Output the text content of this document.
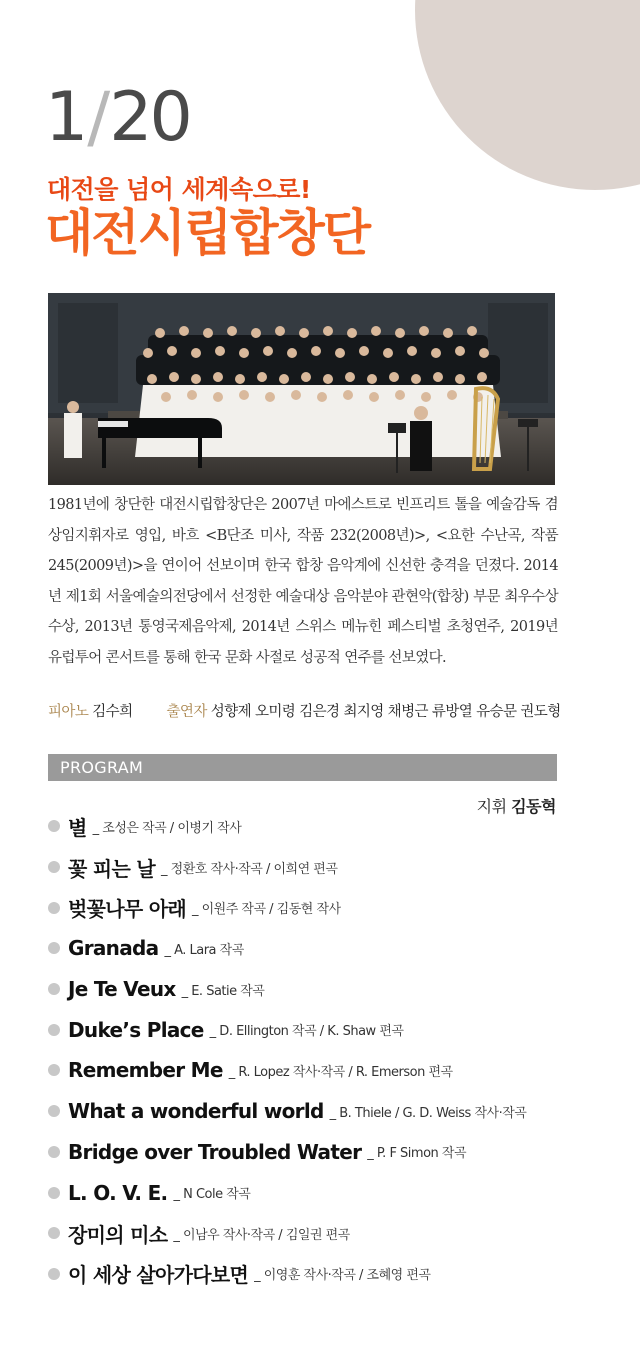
1/20
대전을 넘어 세계속으로!
대전시립합창단

1981년에 창단한 대전시립합창단은 2007년 마에스트로 빈프리트 톨을 예술감독 겸 상임지휘자로 영입, 바흐 <B단조 미사, 작품 232(2008년)>, <요한 수난곡, 작품 245(2009년)>을 연이어 선보이며 한국 합창 음악계에 신선한 충격을 던졌다. 2014년 제1회 서울예술의전당에서 선정한 예술대상 음악분야 관현악(합창) 부문 최우수상 수상, 2013년 통영국제음악제, 2014년 스위스 메뉴힌 페스티벌 초청연주, 2019년 유럽투어 콘서트를 통해 한국 문화 사절로 성공적 연주를 선보였다.

피아노 김수희 출연자 성향제 오미령 김은경 최지영 채병근 류방열 유승문 권도형
PROGRAM
지휘 김동혁
별 _ 조성은 작곡 / 이병기 작사
꽃 피는 날 _ 정환호 작사·작곡 / 이희연 편곡
벚꽃나무 아래 _ 이원주 작곡 / 김동현 작사
Granada _ A. Lara 작곡
Je Te Veux _ E. Satie 작곡
Duke’s Place _ D. Ellington 작곡 / K. Shaw 편곡
Remember Me _ R. Lopez 작사·작곡 / R. Emerson 편곡
What a wonderful world _ B. Thiele / G. D. Weiss 작사·작곡
Bridge over Troubled Water _ P. F Simon 작곡
L. O. V. E. _ N Cole 작곡
장미의 미소 _ 이남우 작사·작곡 / 김일권 편곡
이 세상 살아가다보면 _ 이영훈 작사·작곡 / 조혜영 편곡
